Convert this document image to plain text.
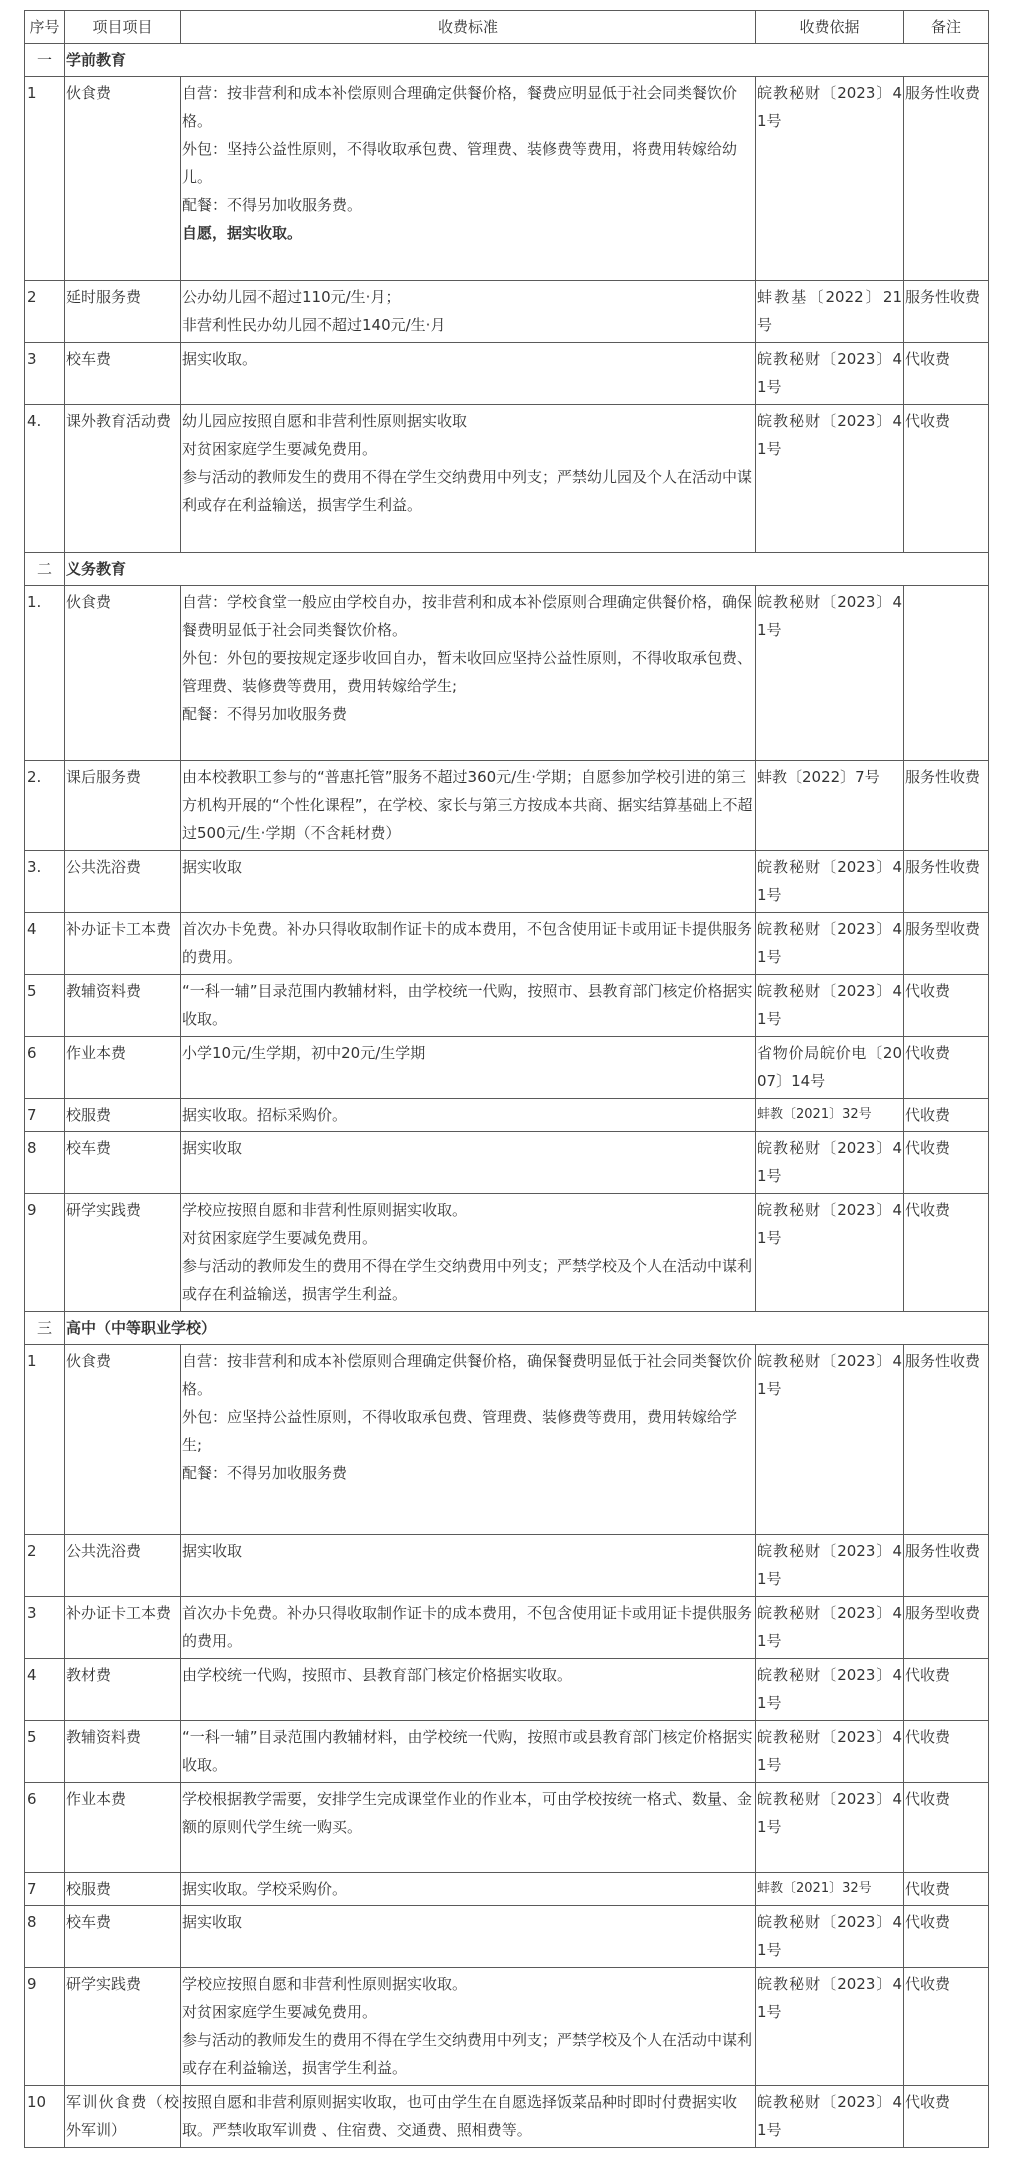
序号	项目项目	收费标准	收费依据	备注
一	学前教育			
1	伙食费	自营：按非营利和成本补偿原则合理确定供餐价格，餐费应明显低于社会同类餐饮价格。
外包：坚持公益性原则，不得收取承包费、管理费、装修费等费用，将费用转嫁给幼儿。
配餐：不得另加收服务费。
自愿，据实收取。	皖教秘财〔2023〕41号	服务性收费
2	延时服务费	公办幼儿园不超过110元/生·月；
非营利性民办幼儿园不超过140元/生·月	蚌教基〔2022〕21号	服务性收费
3	校车费	据实收取。	皖教秘财〔2023〕41号	代收费
4.	课外教育活动费	幼儿园应按照自愿和非营利性原则据实收取
对贫困家庭学生要减免费用。
参与活动的教师发生的费用不得在学生交纳费用中列支；严禁幼儿园及个人在活动中谋利或存在利益输送，损害学生利益。	皖教秘财〔2023〕41号	代收费
二	义务教育			
1.	伙食费	自营：学校食堂一般应由学校自办，按非营利和成本补偿原则合理确定供餐价格，确保餐费明显低于社会同类餐饮价格。
外包：外包的要按规定逐步收回自办，暂未收回应坚持公益性原则，不得收取承包费、管理费、装修费等费用，费用转嫁给学生;
配餐：不得另加收服务费	皖教秘财〔2023〕41号	
2.	课后服务费	由本校教职工参与的“普惠托管”服务不超过360元/生·学期；自愿参加学校引进的第三方机构开展的“个性化课程”，在学校、家长与第三方按成本共商、据实结算基础上不超过500元/生·学期（不含耗材费）	蚌教〔2022〕7号	服务性收费
3.	公共洗浴费	据实收取	皖教秘财〔2023〕41号	服务性收费
4	补办证卡工本费	首次办卡免费。补办只得收取制作证卡的成本费用，不包含使用证卡或用证卡提供服务的费用。	皖教秘财〔2023〕41号	服务型收费
5	教辅资料费	“一科一辅”目录范围内教辅材料，由学校统一代购，按照市、县教育部门核定价格据实收取。	皖教秘财〔2023〕41号	代收费
6	作业本费	小学10元/生学期，初中20元/生学期	省物价局皖价电〔2007〕14号	代收费
7	校服费	据实收取。招标采购价。	蚌教〔2021〕32号	代收费
8	校车费	据实收取	皖教秘财〔2023〕41号	代收费
9	研学实践费	学校应按照自愿和非营利性原则据实收取。
对贫困家庭学生要减免费用。
参与活动的教师发生的费用不得在学生交纳费用中列支；严禁学校及个人在活动中谋利或存在利益输送，损害学生利益。	皖教秘财〔2023〕41号	代收费
三	高中（中等职业学校）			
1	伙食费	自营：按非营利和成本补偿原则合理确定供餐价格，确保餐费明显低于社会同类餐饮价格。
外包：应坚持公益性原则，不得收取承包费、管理费、装修费等费用，费用转嫁给学生;
配餐：不得另加收服务费	皖教秘财〔2023〕41号	服务性收费
2	公共洗浴费	据实收取	皖教秘财〔2023〕41号	服务性收费
3	补办证卡工本费	首次办卡免费。补办只得收取制作证卡的成本费用，不包含使用证卡或用证卡提供服务的费用。	皖教秘财〔2023〕41号	服务型收费
4	教材费	由学校统一代购，按照市、县教育部门核定价格据实收取。	皖教秘财〔2023〕41号	代收费
5	教辅资料费	“一科一辅”目录范围内教辅材料，由学校统一代购，按照市或县教育部门核定价格据实收取。	皖教秘财〔2023〕41号	代收费
6	作业本费	学校根据教学需要，安排学生完成课堂作业的作业本，可由学校按统一格式、数量、金额的原则代学生统一购买。	皖教秘财〔2023〕41号	代收费
7	校服费	据实收取。学校采购价。	蚌教〔2021〕32号	代收费
8	校车费	据实收取	皖教秘财〔2023〕41号	代收费
9	研学实践费	学校应按照自愿和非营利性原则据实收取。
对贫困家庭学生要减免费用。
参与活动的教师发生的费用不得在学生交纳费用中列支；严禁学校及个人在活动中谋利或存在利益输送，损害学生利益。	皖教秘财〔2023〕41号	代收费
10	军训伙食费（校外军训）	按照自愿和非营利原则据实收取，也可由学生在自愿选择饭菜品种时即时付费据实收取。严禁收取军训费 、住宿费、交通费、照相费等。	皖教秘财〔2023〕41号	代收费
